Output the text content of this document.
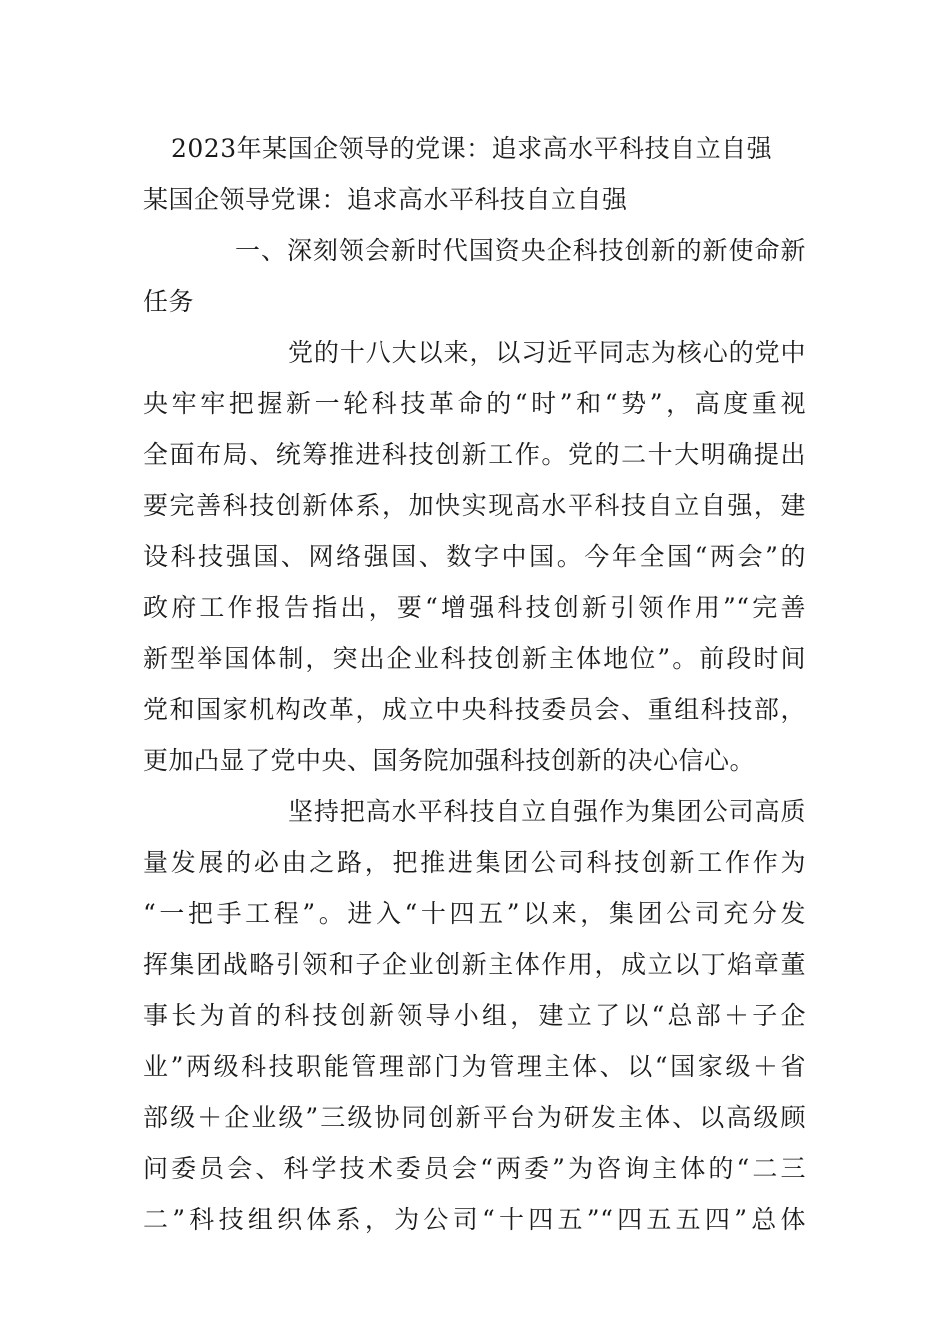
2023年某国企领导的党课：追求高水平科技自立自强
某国企领导党课：追求高水平科技自立自强
一、深刻领会新时代国资央企科技创新的新使命新
任务
党的十八大以来，以习近平同志为核心的党中
央牢牢把握新一轮科技革命的“时”和“势”，高度重视
全面布局、统筹推进科技创新工作。党的二十大明确提出
要完善科技创新体系，加快实现高水平科技自立自强，建
设科技强国、网络强国、数字中国。今年全国“两会”的
政府工作报告指出，要“增强科技创新引领作用”“完善
新型举国体制，突出企业科技创新主体地位”。前段时间
党和国家机构改革，成立中央科技委员会、重组科技部，
更加凸显了党中央、国务院加强科技创新的决心信心。
坚持把高水平科技自立自强作为集团公司高质
量发展的必由之路，把推进集团公司科技创新工作作为
“一把手工程”。进入“十四五”以来，集团公司充分发
挥集团战略引领和子企业创新主体作用，成立以丁焰章董
事长为首的科技创新领导小组，建立了以“总部＋子企
业”两级科技职能管理部门为管理主体、以“国家级＋省
部级＋企业级”三级协同创新平台为研发主体、以高级顾
问委员会、科学技术委员会“两委”为咨询主体的“二三
二”科技组织体系，为公司“十四五”“四五五四”总体
